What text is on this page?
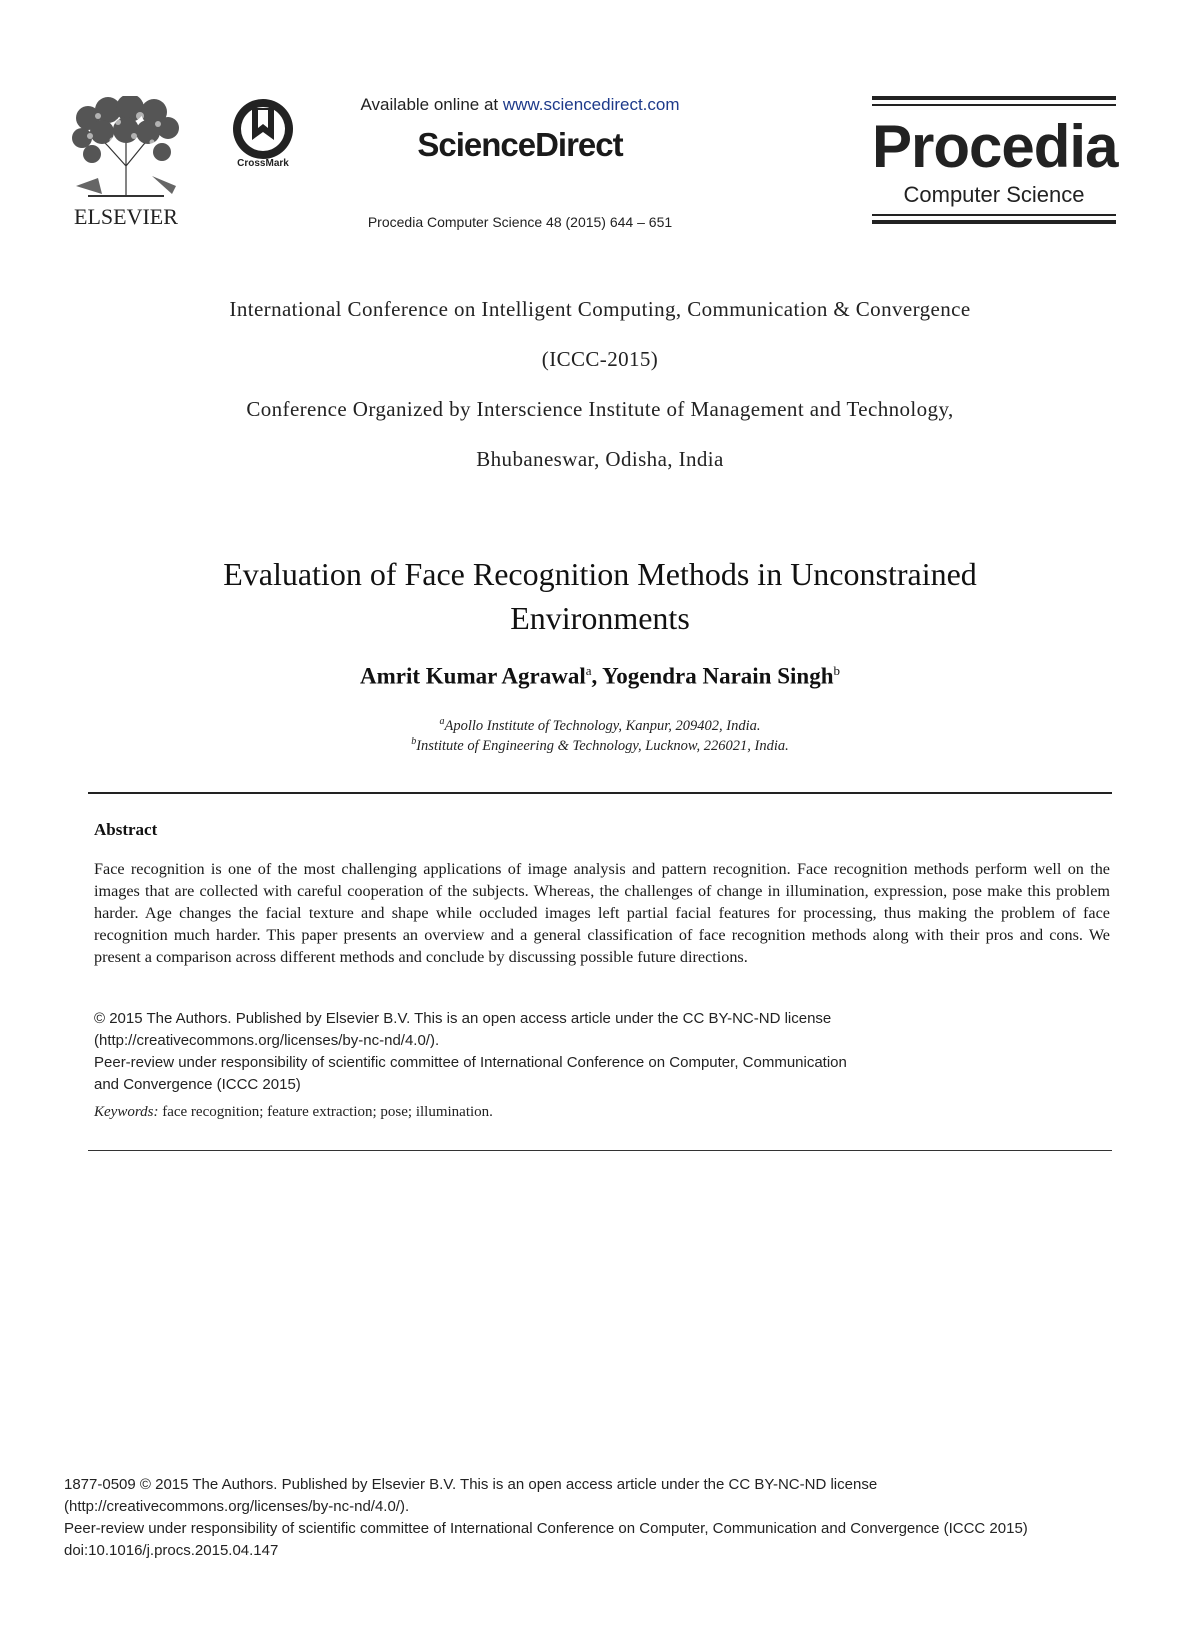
ELSEVIER
CrossMark
Available online at www.sciencedirect.com
ScienceDirect
Procedia Computer Science 48 (2015) 644 – 651
Procedia
Computer Science
International Conference on Intelligent Computing, Communication & Convergence
(ICCC-2015)
Conference Organized by Interscience Institute of Management and Technology,
Bhubaneswar, Odisha, India
Evaluation of Face Recognition Methods in Unconstrained
Environments
Amrit Kumar Agrawal$^a$, Yogendra Narain Singh$^b$
$^a$Apollo Institute of Technology, Kanpur, 209402, India.
$^b$Institute of Engineering & Technology, Lucknow, 226021, India.
Abstract
Face recognition is one of the most challenging applications of image analysis and pattern recognition. Face recognition methods perform well on the images that are collected with careful cooperation of the subjects. Whereas, the challenges of change in illumination, expression, pose make this problem harder. Age changes the facial texture and shape while occluded images left partial facial features for processing, thus making the problem of face recognition much harder. This paper presents an overview and a general classification of face recognition methods along with their pros and cons. We present a comparison across different methods and conclude by discussing possible future directions.
© 2015 The Authors. Published by Elsevier B.V. This is an open access article under the CC BY-NC-ND license
(http://creativecommons.org/licenses/by-nc-nd/4.0/).
Peer-review under responsibility of scientific committee of International Conference on Computer, Communication
and Convergence (ICCC 2015)
Keywords: face recognition; feature extraction; pose; illumination.
1877-0509 © 2015 The Authors. Published by Elsevier B.V. This is an open access article under the CC BY-NC-ND license
(http://creativecommons.org/licenses/by-nc-nd/4.0/).
Peer-review under responsibility of scientific committee of International Conference on Computer, Communication and Convergence (ICCC 2015)
doi:10.1016/j.procs.2015.04.147
